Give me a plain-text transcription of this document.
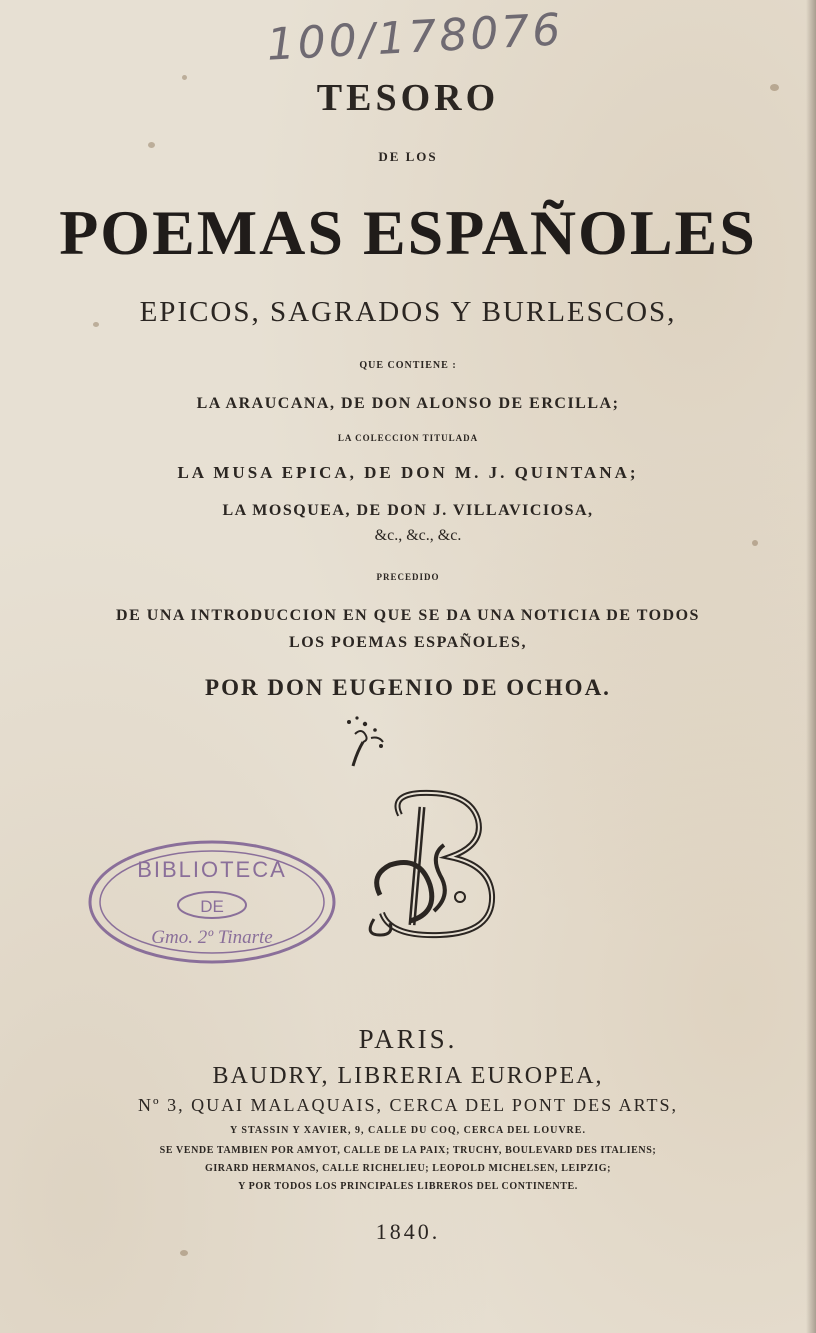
100/178076
TESORO
DE LOS
POEMAS ESPAÑOLES
EPICOS, SAGRADOS Y BURLESCOS,
QUE CONTIENE :
LA ARAUCANA, DE DON ALONSO DE ERCILLA;
LA COLECCION TITULADA
LA MUSA EPICA, DE DON M. J. QUINTANA;
LA MOSQUEA, DE DON J. VILLAVICIOSA,
&c., &c., &c.
PRECEDIDO
DE UNA INTRODUCCION EN QUE SE DA UNA NOTICIA DE TODOS
LOS POEMAS ESPAÑOLES,
POR DON EUGENIO DE OCHOA.
BIBLIOTECA
DE
Gmo. 2º Tinarte
PARIS.
BAUDRY, LIBRERIA EUROPEA,
Nº 3, QUAI MALAQUAIS, CERCA DEL PONT DES ARTS,
Y STASSIN Y XAVIER, 9, CALLE DU COQ, CERCA DEL LOUVRE.
SE VENDE TAMBIEN POR AMYOT, CALLE DE LA PAIX; TRUCHY, BOULEVARD DES ITALIENS;
GIRARD HERMANOS, CALLE RICHELIEU; LEOPOLD MICHELSEN, LEIPZIG;
Y POR TODOS LOS PRINCIPALES LIBREROS DEL CONTINENTE.
1840.
